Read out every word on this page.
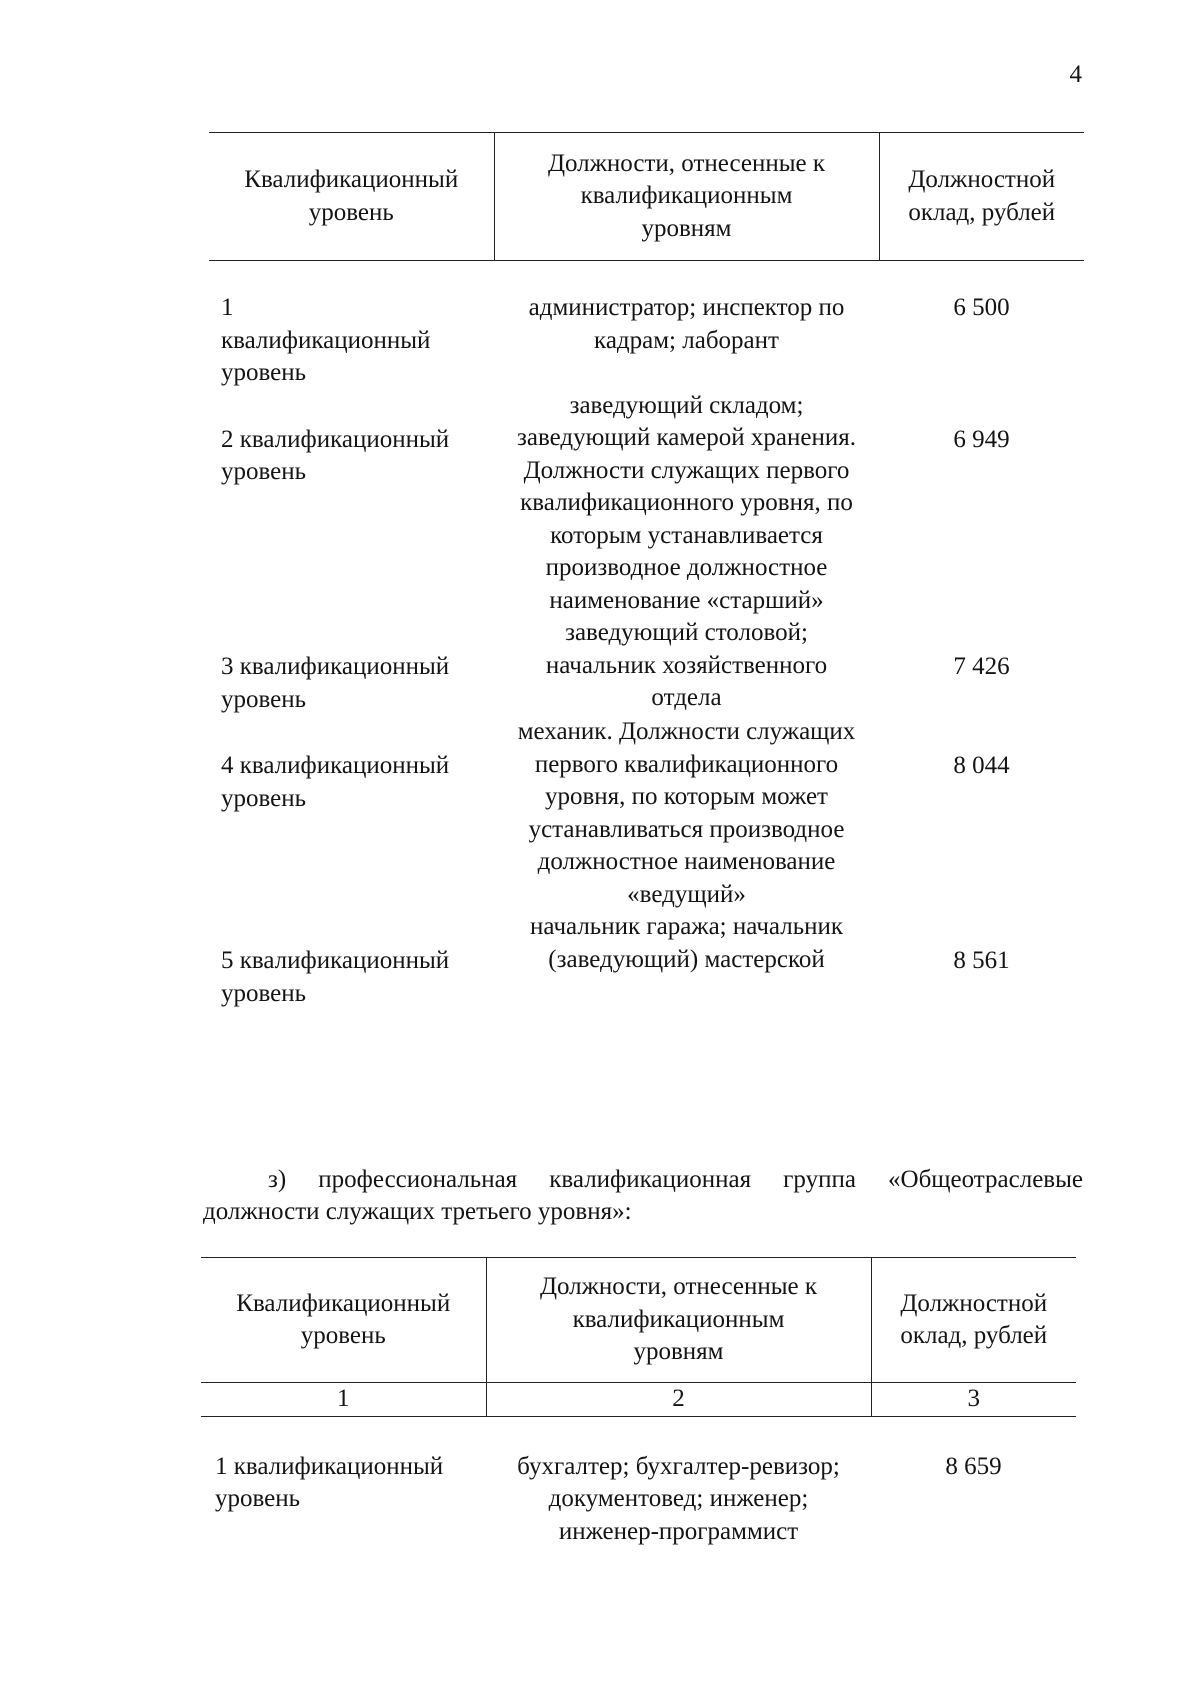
4
Квалификационный уровень	Должности, отнесенные к квалификационным уровням	Должностной оклад, рублей
1 квалификационный уровень	администратор; инспектор по кадрам; лаборант	6 500
2 квалификационный уровень	заведующий складом; заведующий камерой хранения. Должности служащих первого квалификационного уровня, по которым устанавливается производное должностное наименование «старший»	6 949
3 квалификационный уровень	заведующий столовой; начальник хозяйственного отдела	7 426
4 квалификационный уровень	механик. Должности служащих первого квалификационного уровня, по которым может устанавливаться производное должностное наименование «ведущий»	8 044
5 квалификационный уровень	начальник гаража; начальник (заведующий) мастерской	8 561

з) профессиональная квалификационная группа «Общеотраслевые должности служащих третьего уровня»:

Квалификационный уровень	Должности, отнесенные к квалификационным уровням	Должностной оклад, рублей
1	2	3
1 квалификационный уровень	бухгалтер; бухгалтер-ревизор; документовед; инженер; инженер-программист	8 659
